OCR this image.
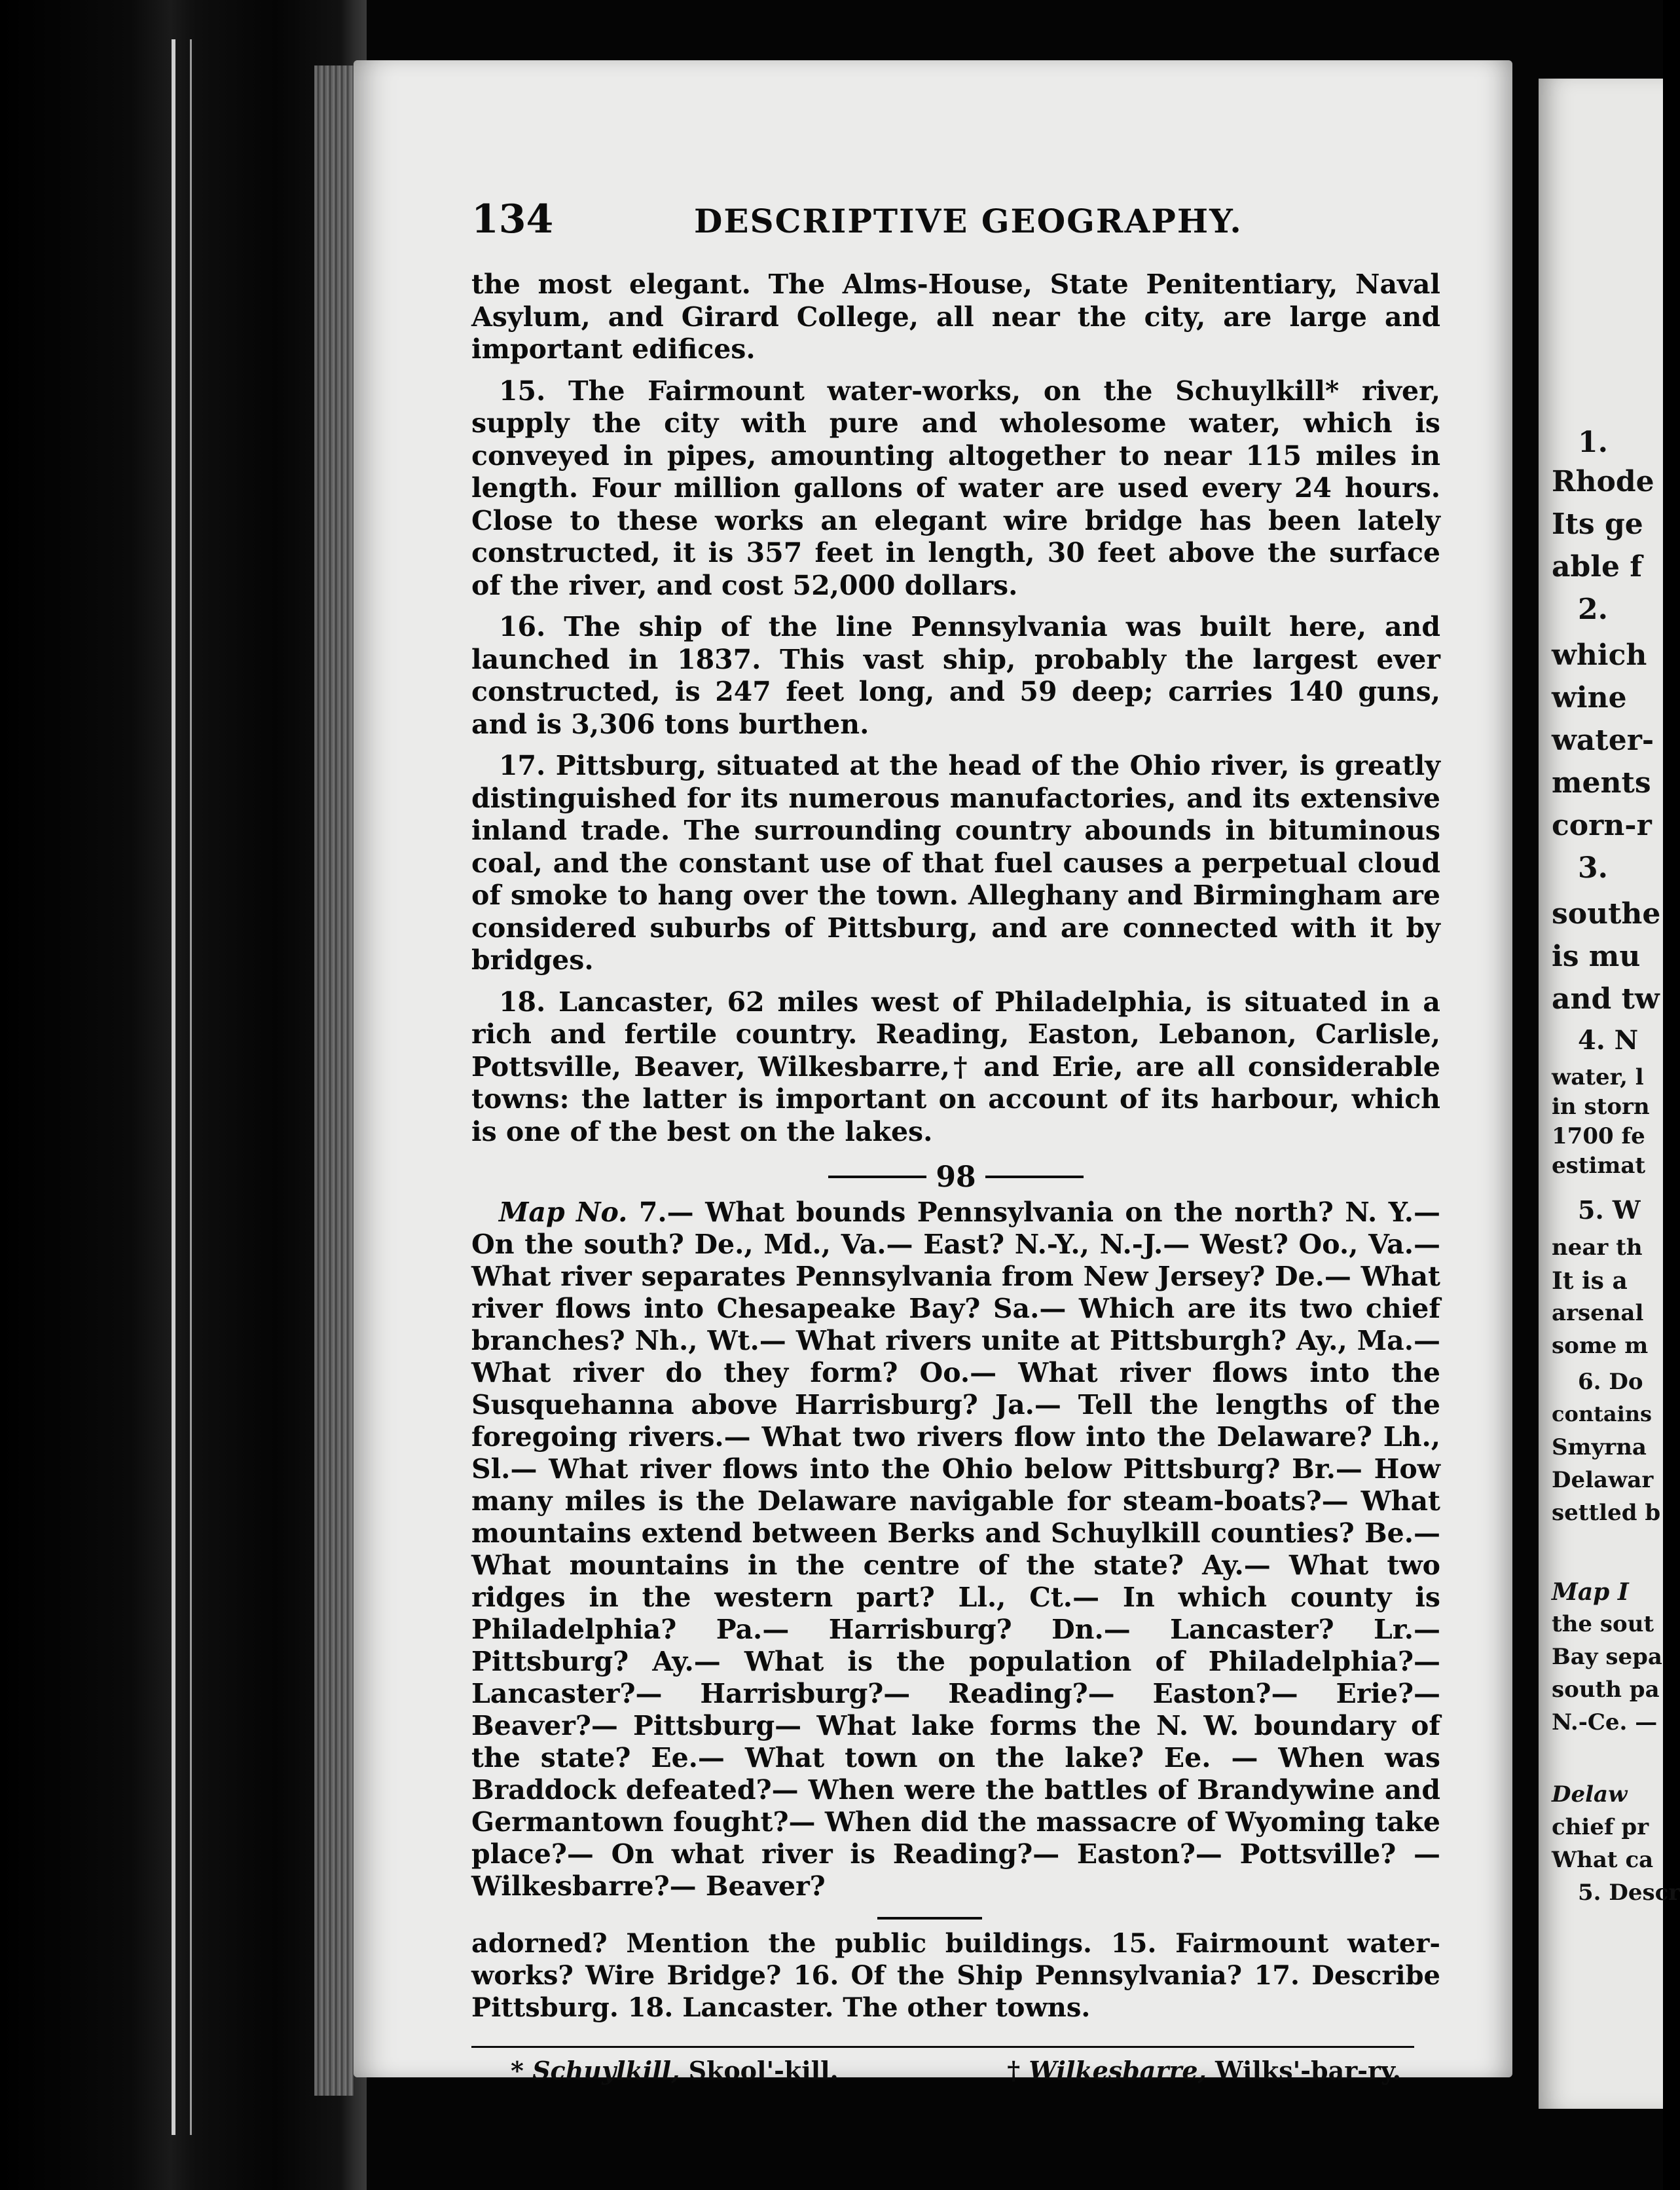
1.
Rhode
Its ge
able f
2.
which
wine
water-
ments
corn-r
3.
southe
is mu
and tw
4. N
water, l
in storn
1700 fe
estimat
5. W
near th
It is a
arsenal
some m
6. Do
contains
Smyrna
Delawar
settled b
Map I
the sout
Bay sepa
south pa
N.-Ce. —
Delaw
chief pr
What ca
5. Descr
134	DESCRIPTIVE GEOGRAPHY.

the most elegant. The Alms-House, State Penitentiary, Naval Asylum, and Girard College, all near the city, are large and important edifices.

15. The Fairmount water-works, on the Schuylkill* river, supply the city with pure and wholesome water, which is conveyed in pipes, amounting altogether to near 115 miles in length. Four million gallons of water are used every 24 hours. Close to these works an elegant wire bridge has been lately constructed, it is 357 feet in length, 30 feet above the surface of the river, and cost 52,000 dollars.

16. The ship of the line Pennsylvania was built here, and launched in 1837. This vast ship, probably the largest ever constructed, is 247 feet long, and 59 deep; carries 140 guns, and is 3,306 tons burthen.

17. Pittsburg, situated at the head of the Ohio river, is greatly distinguished for its numerous manufactories, and its extensive inland trade. The surrounding country abounds in bituminous coal, and the constant use of that fuel causes a perpetual cloud of smoke to hang over the town. Alleghany and Birmingham are considered suburbs of Pittsburg, and are connected with it by bridges.

18. Lancaster, 62 miles west of Philadelphia, is situated in a rich and fertile country. Reading, Easton, Lebanon, Carlisle, Pottsville, Beaver, Wilkesbarre,† and Erie, are all considerable towns: the latter is important on account of its harbour, which is one of the best on the lakes.

98

Map No. 7.— What bounds Pennsylvania on the north? N. Y.— On the south? De., Md., Va.— East? N.-Y., N.-J.— West? Oo., Va.— What river separates Pennsylvania from New Jersey? De.— What river flows into Chesapeake Bay? Sa.— Which are its two chief branches? Nh., Wt.— What rivers unite at Pittsburgh? Ay., Ma.— What river do they form? Oo.— What river flows into the Susquehanna above Harrisburg? Ja.— Tell the lengths of the foregoing rivers.— What two rivers flow into the Delaware? Lh., Sl.— What river flows into the Ohio below Pittsburg? Br.— How many miles is the Delaware navigable for steam-boats?— What mountains extend between Berks and Schuylkill counties? Be.— What mountains in the centre of the state? Ay.— What two ridges in the western part? Ll., Ct.— In which county is Philadelphia? Pa.— Harrisburg? Dn.— Lancaster? Lr.— Pittsburg? Ay.— What is the population of Philadelphia?— Lancaster?— Harrisburg?— Reading?— Easton?— Erie?— Beaver?— Pittsburg— What lake forms the N. W. boundary of the state? Ee.— What town on the lake? Ee. — When was Braddock defeated?— When were the battles of Brandywine and Germantown fought?— When did the massacre of Wyoming take place?— On what river is Reading?— Easton?— Pottsville? — Wilkesbarre?— Beaver?

adorned? Mention the public buildings. 15. Fairmount water-works? Wire Bridge? 16. Of the Ship Pennsylvania? 17. Describe Pittsburg. 18. Lancaster. The other towns.

* Schuylkill, Skool'-kill.	† Wilkesbarre, Wilks'-bar-ry.
